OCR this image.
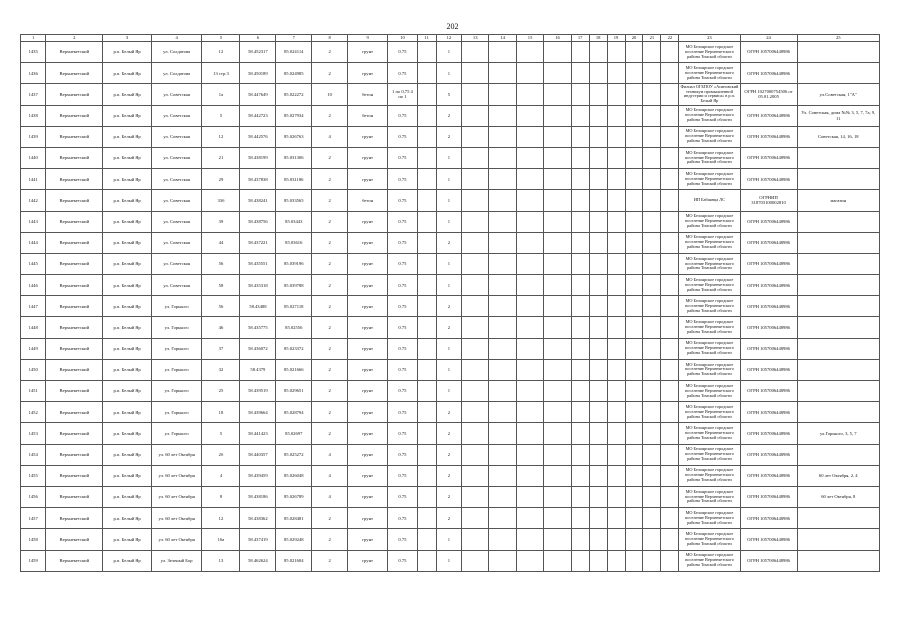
202
1	2	3	4	5	6	7	8	9	10	11	12	13	14	15	16	17	18	19	20	21	22	23	24	25
1435	Верхнекетский	р.п. Белый Яр	ул. Солдатова	12	58.452317	85.024114	2	грунт	0.75		1											МО Белоярское городское поселение Верхнекетского района Томской области	ОГРН 1057006448986	
1436	Верхнекетский	р.п. Белый Яр	ул. Солдатова	13 стр.3	58.450189	85.024985	2	грунт	0.75		1											МО Белоярское городское поселение Верхнекетского района Томской области	ОГРН 1057006448986	
1437	Верхнекетский	р.п. Белый Яр	ул. Советская	1а	58.447649	85.022272	10	бетон	1 по 0,75 4 по 1		5											Филиал ОГБПОУ «Асиновский техникум промышленной индустрии и сервиса» в р.п. Белый Яр	ОГРН 1027000754506 от 05.01.2005	ул.Советская, 1"А"
1438	Верхнекетский	р.п. Белый Яр	ул. Советская	5	58.442723	85.027934	2	бетон	0.75		2											МО Белоярское городское поселение Верхнекетского района Томской области	ОГРН 1057006448986	Ул. Советская, дома №№ 3, 5, 7, 7а, 9, 11
1439	Верхнекетский	р.п. Белый Яр	ул. Советская	12	58.442576	85.026763	4	грунт	0.75		2											МО Белоярское городское поселение Верхнекетского района Томской области	ОГРН 1057006448986	Советская, 14, 16, 18
1440	Верхнекетский	р.п. Белый Яр	ул. Советская	21	58.438199	85.031306	2	грунт	0.75		1											МО Белоярское городское поселение Верхнекетского района Томской области	ОГРН 1057006448986	
1441	Верхнекетский	р.п. Белый Яр	ул. Советская	29	58.437838	85.031186	2	грунт	0.75		1											МО Белоярское городское поселение Верхнекетского района Томской области	ОГРН 1057006448986	
1442	Верхнекетский	р.п. Белый Яр	ул. Советская	33б	58.438241	85.033565	2	бетон	0.75		1											ИП Бабаянца ЛС	ОГРНИП 318703100002810	магазин
1443	Верхнекетский	р.п. Белый Яр	ул. Советская	39	58.438756	85.03443	2	грунт	0.75		1											МО Белоярское городское поселение Верхнекетского района Томской области	ОГРН 1057006448986	
1444	Верхнекетский	р.п. Белый Яр	ул. Советская	44	58.437221	85.03616	2	грунт	0.75		2											МО Белоярское городское поселение Верхнекетского района Томской области	ОГРН 1057006448986	
1445	Верхнекетский	р.п. Белый Яр	ул. Советская	56	58.435551	85.039196	2	грунт	0.75		1											МО Белоярское городское поселение Верхнекетского района Томской области	ОГРН 1057006448986	
1446	Верхнекетский	р.п. Белый Яр	ул. Советская	58	58.435318	85.039788	2	грунт	0.75		1											МО Белоярское городское поселение Верхнекетского района Томской области	ОГРН 1057006448986	
1447	Верхнекетский	р.п. Белый Яр	ул. Горького	56	58.43488	85.027118	2	грунт	0.75		2											МО Белоярское городское поселение Верхнекетского района Томской области	ОГРН 1057006448986	
1448	Верхнекетский	р.п. Белый Яр	ул. Горького	46	58.435775	85.02556	2	грунт	0.75		2											МО Белоярское городское поселение Верхнекетского района Томской области	ОГРН 1057006448986	
1449	Верхнекетский	р.п. Белый Яр	ул. Горького	37	58.436072	85.023372	2	грунт	0.75		1											МО Белоярское городское поселение Верхнекетского района Томской области	ОГРН 1057006448986	
1450	Верхнекетский	р.п. Белый Яр	ул. Горького	32	58.4379	85.021666	2	грунт	0.75		1											МО Белоярское городское поселение Верхнекетского района Томской области	ОГРН 1057006448986	
1451	Верхнекетский	р.п. Белый Яр	ул. Горького	25	58.439519	85.029651	2	грунт	0.75		1											МО Белоярское городское поселение Верхнекетского района Томской области	ОГРН 1057006448986	
1452	Верхнекетский	р.п. Белый Яр	ул. Горького	18	58.439664	85.028794	2	грунт	0.75		2											МО Белоярское городское поселение Верхнекетского района Томской области	ОГРН 1057006448986	
1453	Верхнекетский	р.п. Белый Яр	ул. Горького	5	58.441423	85.02697	2	грунт	0.75		2											МО Белоярское городское поселение Верхнекетского района Томской области	ОГРН 1057006448986	ул.Горького, 3, 5, 7
1454	Верхнекетский	р.п. Белый Яр	ул. 60 лет Октября	2б	58.440357	85.025272	4	грунт	0.75		2											МО Белоярское городское поселение Верхнекетского района Томской области	ОГРН 1057006448986	
1455	Верхнекетский	р.п. Белый Яр	ул. 60 лет Октября	4	58.439459	85.026048	4	грунт	0.75		2											МО Белоярское городское поселение Верхнекетского района Томской области	ОГРН 1057006448986	60 лет Октября, 2, 4
1456	Верхнекетский	р.п. Белый Яр	ул. 60 лет Октября	8	58.438186	85.026789	4	грунт	0.75		2											МО Белоярское городское поселение Верхнекетского района Томской области	ОГРН 1057006448986	60 лет Октября, 8
1457	Верхнекетский	р.п. Белый Яр	ул. 60 лет Октября	12	58.438362	85.028481	2	грунт	0.75		2											МО Белоярское городское поселение Верхнекетского района Томской области	ОГРН 1057006448986	
1458	Верхнекетский	р.п. Белый Яр	ул. 60 лет Октября	16а	58.437419	85.029248	2	грунт	0.75		1											МО Белоярское городское поселение Верхнекетского района Томской области	ОГРН 1057006448986	
1459	Верхнекетский	р.п. Белый Яр	ул. Зеленый Бор	13	58.462624	85.021604	2	грунт	0.75		1											МО Белоярское городское поселение Верхнекетского района Томской области	ОГРН 1057006448986	
